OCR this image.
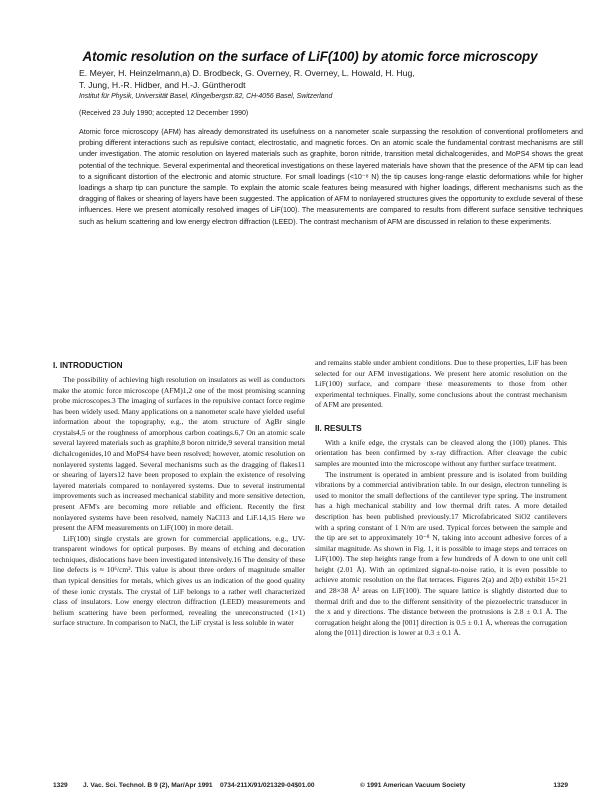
Atomic resolution on the surface of LiF(100) by atomic force microscopy
E. Meyer, H. Heinzelmann,a) D. Brodbeck, G. Overney, R. Overney, L. Howald, H. Hug,
T. Jung, H.-R. Hidber, and H.-J. Güntherodt
Institut für Physik, Universität Basel, Klingelbergstr.82, CH-4056 Basel, Switzerland
(Received 23 July 1990; accepted 12 December 1990)

Atomic force microscopy (AFM) has already demonstrated its usefulness on a nanometer scale surpassing the resolution of conventional profilometers and probing different interactions such as repulsive contact, electrostatic, and magnetic forces. On an atomic scale the fundamental contrast mechanisms are still under investigation. The atomic resolution on layered materials such as graphite, boron nitride, transition metal dichalcogenides, and MoPS4 shows the great potential of the technique. Several experimental and theoretical investigations on these layered materials have shown that the presence of the AFM tip can lead to a significant distortion of the electronic and atomic structure. For small loadings (<10⁻⁸ N) the tip causes long-range elastic deformations while for higher loadings a sharp tip can puncture the sample. To explain the atomic scale features being measured with higher loadings, different mechanisms such as the dragging of flakes or shearing of layers have been suggested. The application of AFM to nonlayered structures gives the opportunity to exclude several of these influences. Here we present atomically resolved images of LiF(100). The measurements are compared to results from different surface sensitive techniques such as helium scattering and low energy electron diffraction (LEED). The contrast mechanism of AFM are discussed in relation to these experiments.

I. INTRODUCTION

The possibility of achieving high resolution on insulators as well as conductors make the atomic force microscope (AFM)1,2 one of the most promising scanning probe microscopes.3 The imaging of surfaces in the repulsive contact force regime has been widely used. Many applications on a nanometer scale have yielded useful information about the topography, e.g., the atom structure of AgBr single crystals4,5 or the roughness of amorphous carbon coatings.6,7 On an atomic scale several layered materials such as graphite,8 boron nitride,9 several transition metal dichalcogenides,10 and MoPS4 have been resolved; however, atomic resolution on nonlayered systems lagged. Several mechanisms such as the dragging of flakes11 or shearing of layers12 have been proposed to explain the existence of resolving layered materials compared to nonlayered systems. Due to several instrumental improvements such as increased mechanical stability and more sensitive detection, present AFM's are becoming more reliable and efficient. Recently the first nonlayered systems have been resolved, namely NaCl13 and LiF.14,15 Here we present the AFM measurements on LiF(100) in more detail.

LiF(100) single crystals are grown for commercial applications, e.g., UV-transparent windows for optical purposes. By means of etching and decoration techniques, dislocations have been investigated intensively.16 The density of these line defects is ≈ 10⁶/cm². This value is about three orders of magnitude smaller than typical densities for metals, which gives us an indication of the good quality of these ionic crystals. The crystal of LiF belongs to a rather well characterized class of insulators. Low energy electron diffraction (LEED) measurements and helium scattering have been performed, revealing the unreconstructed (1×1) surface structure. In comparison to NaCl, the LiF crystal is less soluble in water

and remains stable under ambient conditions. Due to these properties, LiF has been selected for our AFM investigations. We present here atomic resolution on the LiF(100) surface, and compare these measurements to those from other experimental techniques. Finally, some conclusions about the contrast mechanism of AFM are presented.

II. RESULTS

With a knife edge, the crystals can be cleaved along the (100) planes. This orientation has been confirmed by x-ray diffraction. After cleavage the cubic samples are mounted into the microscope without any further surface treatment.

The instrument is operated in ambient pressure and is isolated from building vibrations by a commercial antivibration table. In our design, electron tunneling is used to monitor the small deflections of the cantilever type spring. The instrument has a high mechanical stability and low thermal drift rates. A more detailed description has been published previously.17 Microfabricated SiO2 cantilevers with a spring constant of 1 N/m are used. Typical forces between the sample and the tip are set to approximately 10⁻⁸ N, taking into account adhesive forces of a similar magnitude. As shown in Fig. 1, it is possible to image steps and terraces on LiF(100). The step heights range from a few hundreds of Å down to one unit cell height (2.01 Å). With an optimized signal-to-noise ratio, it is even possible to achieve atomic resolution on the flat terraces. Figures 2(a) and 2(b) exhibit 15×21 and 28×38 Å² areas on LiF(100). The square lattice is slightly distorted due to thermal drift and due to the different sensitivity of the piezoelectric transducer in the x and y directions. The distance between the protrusions is 2.8 ± 0.1 Å. The corrugation height along the [001] direction is 0.5 ± 0.1 Å, whereas the corrugation along the [011] direction is lower at 0.3 ± 0.1 Å.

1329 J. Vac. Sci. Technol. B 9 (2), Mar/Apr 1991 0734-211X/91/021329-04$01.00	© 1991 American Vacuum Society	1329
